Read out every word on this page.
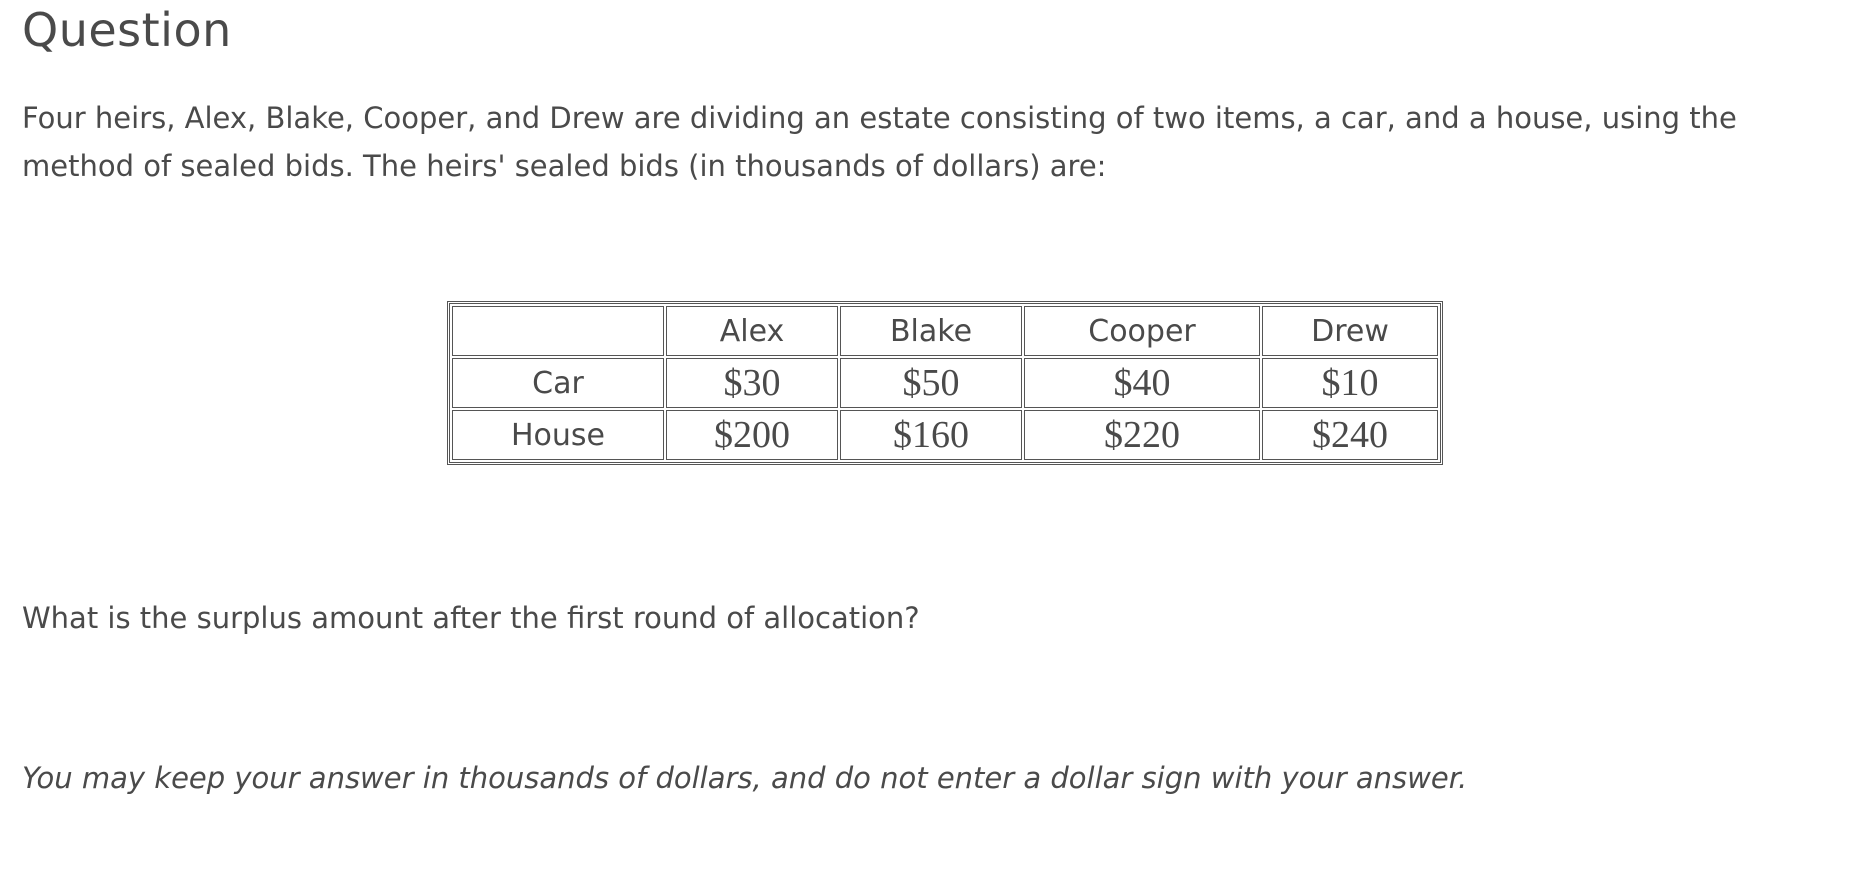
Question

Four heirs, Alex, Blake, Cooper, and Drew are dividing an estate consisting of two items, a car, and a house, using the method of sealed bids. The heirs' sealed bids (in thousands of dollars) are:

	Alex	Blake	Cooper	Drew
Car	$30	$50	$40	$10
House	$200	$160	$220	$240

What is the surplus amount after the first round of allocation?

You may keep your answer in thousands of dollars, and do not enter a dollar sign with your answer.
